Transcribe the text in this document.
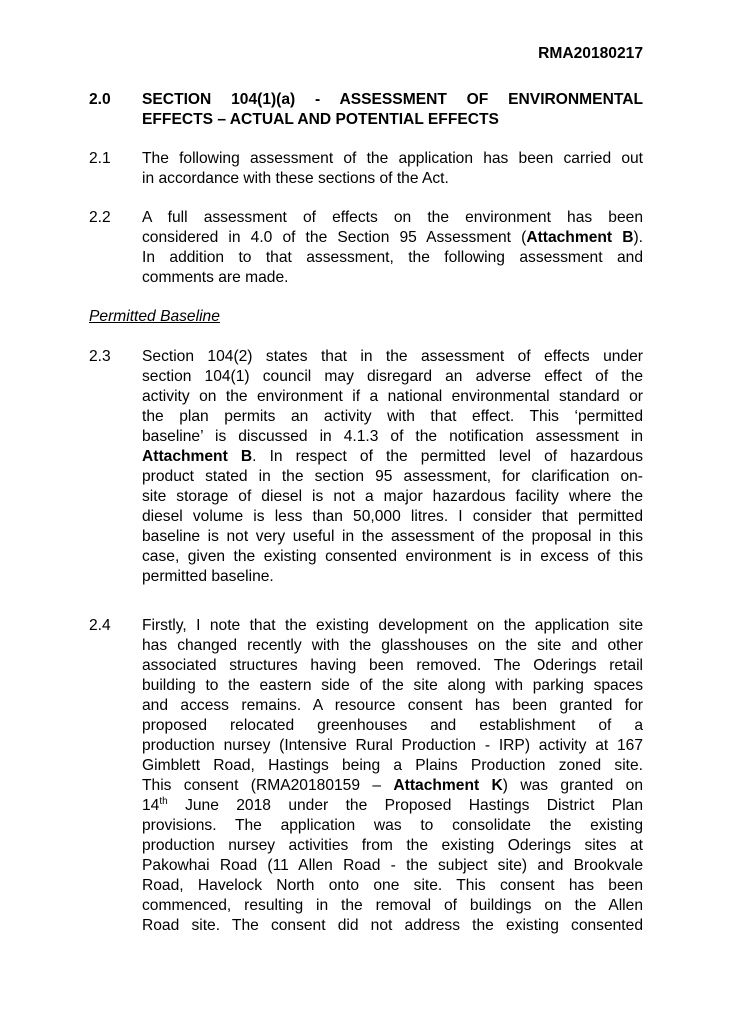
RMA20180217
2.0	SECTION 104(1)(a) - ASSESSMENT OF ENVIRONMENTAL
EFFECTS – ACTUAL AND POTENTIAL EFFECTS
2.1	The following assessment of the application has been carried out
in accordance with these sections of the Act.
2.2	A full assessment of effects on the environment has been
considered in 4.0 of the Section 95 Assessment (Attachment B).
In addition to that assessment, the following assessment and
comments are made.
Permitted Baseline
2.3	Section 104(2) states that in the assessment of effects under
section 104(1) council may disregard an adverse effect of the
activity on the environment if a national environmental standard or
the plan permits an activity with that effect. This ‘permitted
baseline’ is discussed in 4.1.3 of the notification assessment in
Attachment B. In respect of the permitted level of hazardous
product stated in the section 95 assessment, for clarification on-
site storage of diesel is not a major hazardous facility where the
diesel volume is less than 50,000 litres. I consider that permitted
baseline is not very useful in the assessment of the proposal in this
case, given the existing consented environment is in excess of this
permitted baseline.
2.4	Firstly, I note that the existing development on the application site
has changed recently with the glasshouses on the site and other
associated structures having been removed. The Oderings retail
building to the eastern side of the site along with parking spaces
and access remains. A resource consent has been granted for
proposed relocated greenhouses and establishment of a
production nursey (Intensive Rural Production - IRP) activity at 167
Gimblett Road, Hastings being a Plains Production zoned site.
This consent (RMA20180159 – Attachment K) was granted on
14th June 2018 under the Proposed Hastings District Plan
provisions. The application was to consolidate the existing
production nursey activities from the existing Oderings sites at
Pakowhai Road (11 Allen Road - the subject site) and Brookvale
Road, Havelock North onto one site. This consent has been
commenced, resulting in the removal of buildings on the Allen
Road site. The consent did not address the existing consented
